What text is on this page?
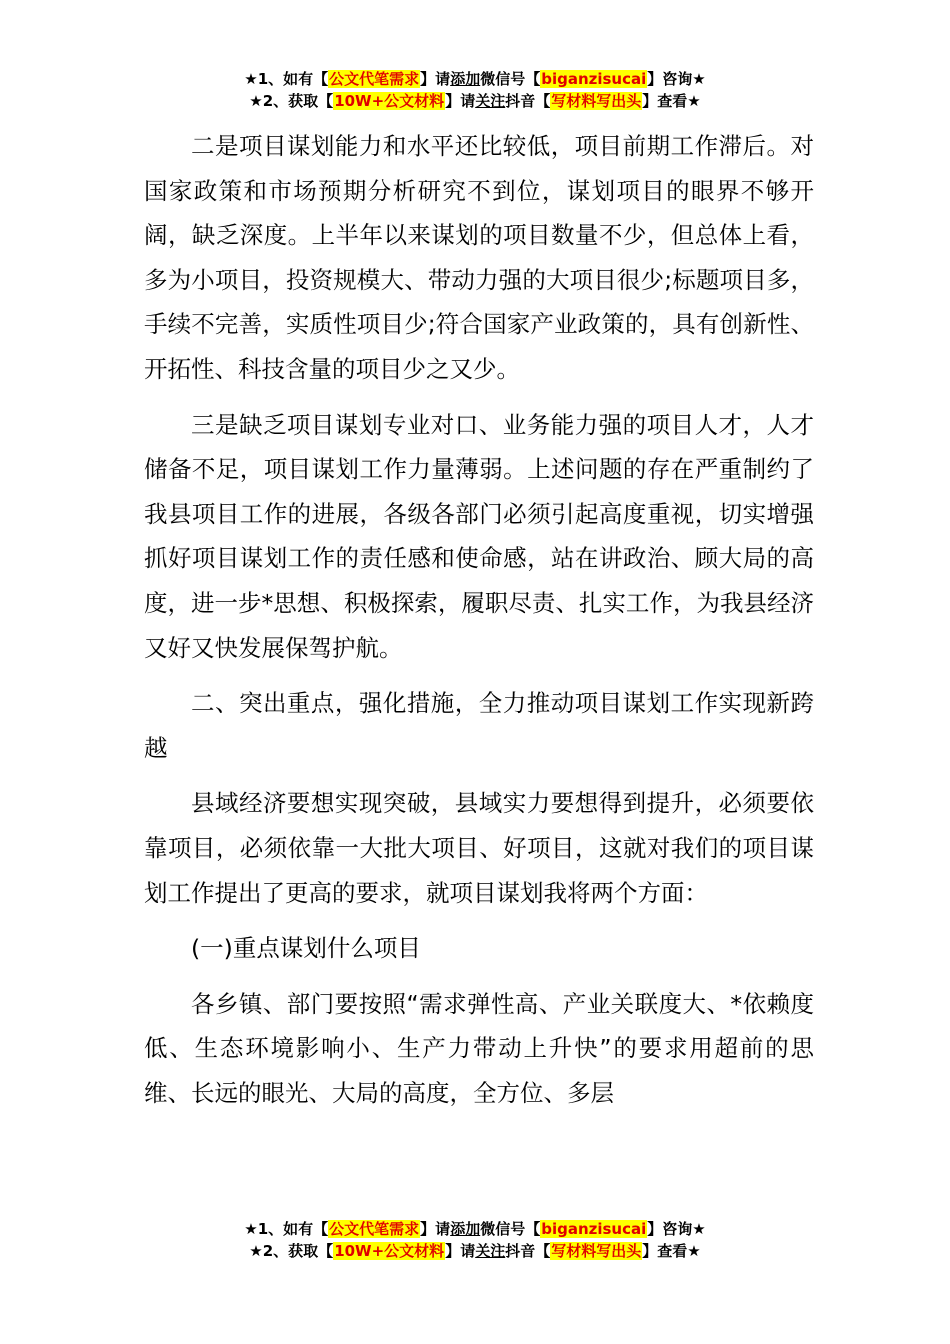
★1、如有【公文代笔需求】请添加微信号【biganzisucai】咨询★
★2、获取【10W+公文材料】请关注抖音【写材料写出头】查看★

二是项目谋划能力和水平还比较低，项目前期工作滞后。对国家政策和市场预期分析研究不到位，谋划项目的眼界不够开阔，缺乏深度。上半年以来谋划的项目数量不少，但总体上看，多为小项目，投资规模大、带动力强的大项目很少;标题项目多，手续不完善，实质性项目少;符合国家产业政策的，具有创新性、开拓性、科技含量的项目少之又少。

三是缺乏项目谋划专业对口、业务能力强的项目人才，人才储备不足，项目谋划工作力量薄弱。上述问题的存在严重制约了我县项目工作的进展，各级各部门必须引起高度重视，切实增强抓好项目谋划工作的责任感和使命感，站在讲政治、顾大局的高度，进一步*思想、积极探索，履职尽责、扎实工作，为我县经济又好又快发展保驾护航。

二、突出重点，强化措施，全力推动项目谋划工作实现新跨越

县域经济要想实现突破，县域实力要想得到提升，必须要依靠项目，必须依靠一大批大项目、好项目，这就对我们的项目谋划工作提出了更高的要求，就项目谋划我将两个方面：

(一)重点谋划什么项目

各乡镇、部门要按照“需求弹性高、产业关联度大、*依赖度低、生态环境影响小、生产力带动上升快”的要求用超前的思维、长远的眼光、大局的高度，全方位、多层

★1、如有【公文代笔需求】请添加微信号【biganzisucai】咨询★
★2、获取【10W+公文材料】请关注抖音【写材料写出头】查看★
